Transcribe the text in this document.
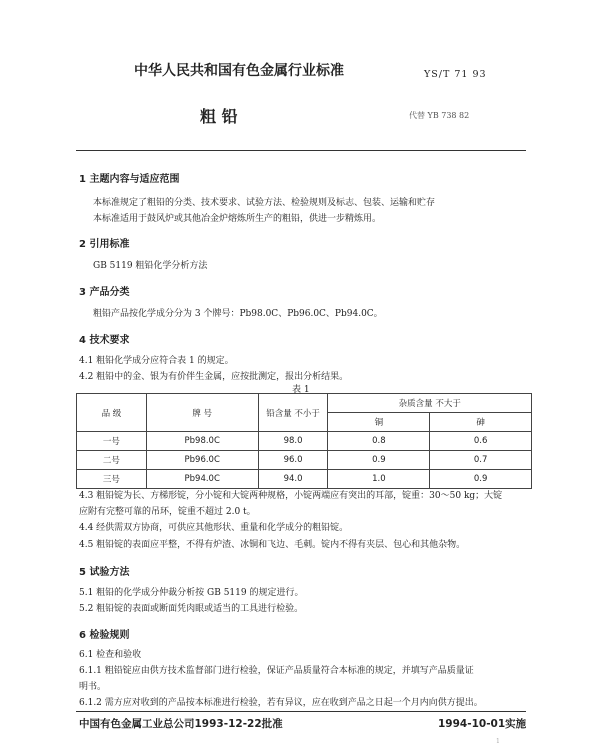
中华人民共和国有色金属行业标准	YS/T 71 93
粗 铅	代替 YB 738 82
1 主题内容与适应范围
本标准规定了粗铅的分类、技术要求、试验方法、检验规则及标志、包装、运输和贮存
本标准适用于鼓风炉或其他冶金炉熔炼所生产的粗铅，供进一步精炼用。
2 引用标准
GB 5119 粗铅化学分析方法
3 产品分类
粗铅产品按化学成分分为 3 个牌号：Pb98.0C、Pb96.0C、Pb94.0C。
4 技术要求
4.1 粗铅化学成分应符合表 1 的规定。
4.2 粗铅中的金、银为有价伴生金属，应按批测定，报出分析结果。
表 1
品 级	牌 号	铅含量 不小于	杂质含量 不大于	
			铜	砷
一号	Pb98.0C	98.0	0.8	0.6
二号	Pb96.0C	96.0	0.9	0.7
三号	Pb94.0C	94.0	1.0	0.9
4.3 粗铅锭为长、方梯形锭，分小锭和大锭两种规格，小锭两端应有突出的耳部，锭重：30～50 kg；大锭
应附有完整可靠的吊环，锭重不超过 2.0 t。
4.4 经供需双方协商，可供应其他形状、重量和化学成分的粗铅锭。
4.5 粗铅锭的表面应平整，不得有炉渣、冰铜和飞边、毛刺。锭内不得有夹层、包心和其他杂物。
5 试验方法
5.1 粗铅的化学成分仲裁分析按 GB 5119 的规定进行。
5.2 粗铅锭的表面或断面凭肉眼或适当的工具进行检验。
6 检验规则
6.1 检查和验收
6.1.1 粗铅锭应由供方技术监督部门进行检验，保证产品质量符合本标准的规定，并填写产品质量证
明书。
6.1.2 需方应对收到的产品按本标准进行检验，若有异议，应在收到产品之日起一个月内向供方提出。
中国有色金属工业总公司1993-12-22批准	1994-10-01实施
1
